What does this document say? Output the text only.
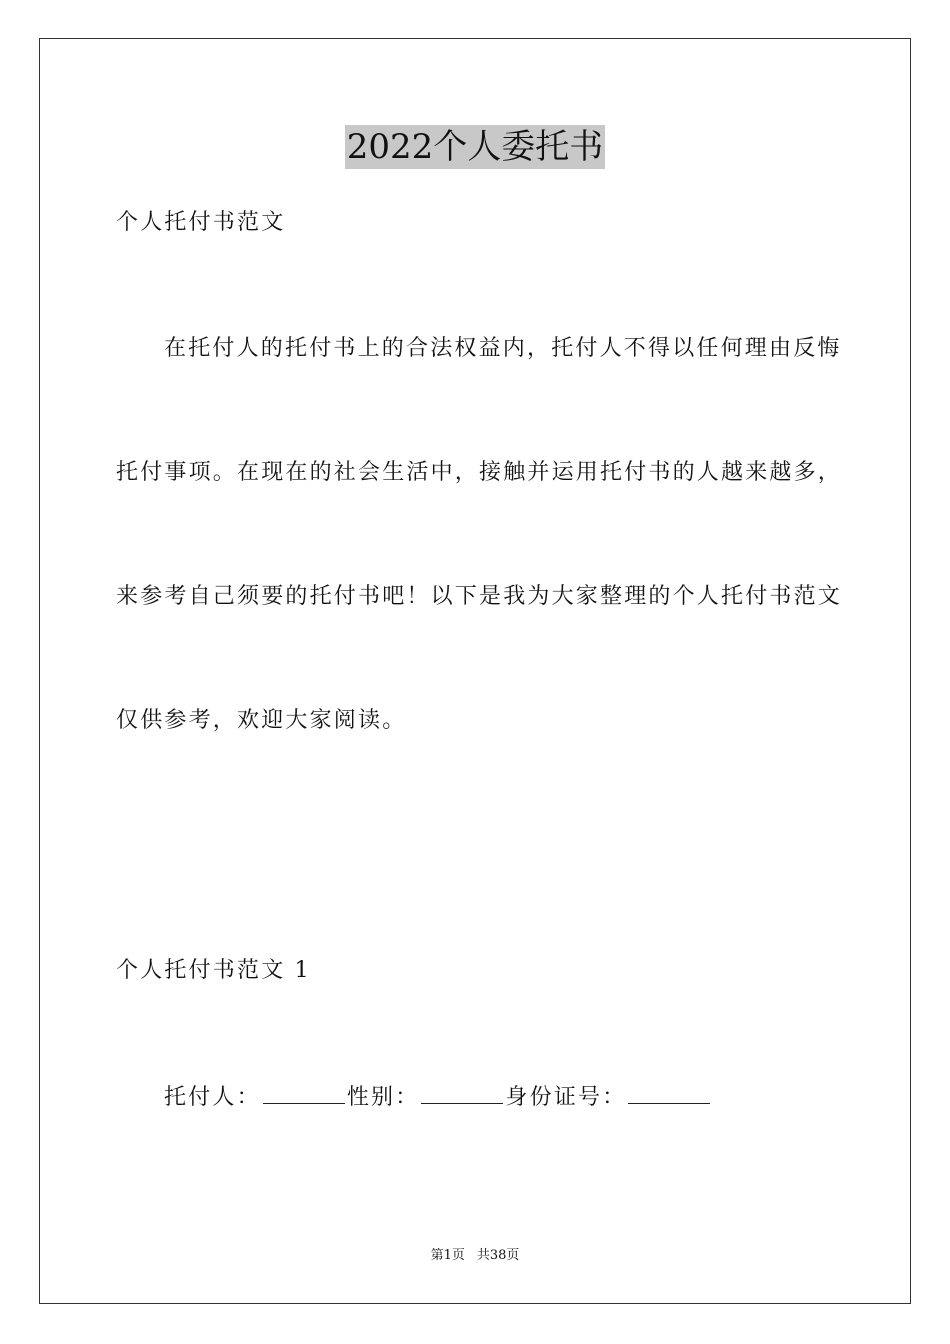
2022个人委托书
个人托付书范文
在托付人的托付书上的合法权益内，托付人不得以任何理由反悔
托付事项。在现在的社会生活中，接触并运用托付书的人越来越多，
来参考自己须要的托付书吧！以下是我为大家整理的个人托付书范文
仅供参考，欢迎大家阅读。
个人托付书范文 1
托付人：	性别：	身份证号：
第1页 共38页
